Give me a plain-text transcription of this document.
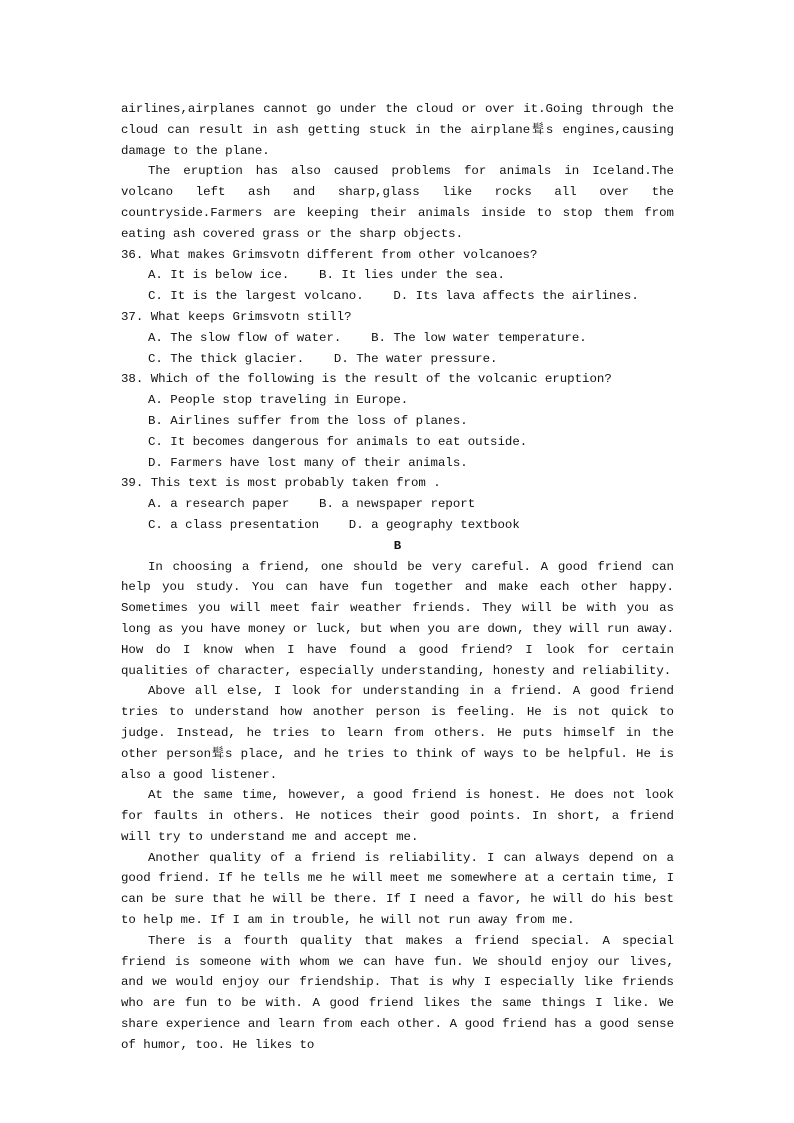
airlines,airplanes cannot go under the cloud or over it.Going through the cloud can result in ash getting stuck in the airplane髶s engines,causing damage to the plane.

The eruption has also caused problems for animals in Iceland.The volcano left ash and sharp,glass like rocks all over the countryside.Farmers are keeping their animals inside to stop them from eating ash covered grass or the sharp objects.

36. What makes Grimsvotn different from other volcanoes?

A. It is below ice.    B. It lies under the sea.

C. It is the largest volcano.    D. Its lava affects the airlines.

37. What keeps Grimsvotn still?

A. The slow flow of water.    B. The low water temperature.

C. The thick glacier.    D. The water pressure.

38. Which of the following is the result of the volcanic eruption?

A. People stop traveling in Europe.

B. Airlines suffer from the loss of planes.

C. It becomes dangerous for animals to eat outside.

D. Farmers have lost many of their animals.

39. This text is most probably taken from .

A. a research paper    B. a newspaper report

C. a class presentation    D. a geography textbook

B

In choosing a friend, one should be very careful. A good friend can help you study. You can have fun together and make each other happy. Sometimes you will meet fair weather friends. They will be with you as long as you have money or luck, but when you are down, they will run away. How do I know when I have found a good friend? I look for certain qualities of character, especially understanding, honesty and reliability.

Above all else, I look for understanding in a friend. A good friend tries to understand how another person is feeling. He is not quick to judge. Instead, he tries to learn from others. He puts himself in the other person髶s place, and he tries to think of ways to be helpful. He is also a good listener.

At the same time, however, a good friend is honest. He does not look for faults in others. He notices their good points. In short, a friend will try to understand me and accept me.

Another quality of a friend is reliability. I can always depend on a good friend. If he tells me he will meet me somewhere at a certain time, I can be sure that he will be there. If I need a favor, he will do his best to help me. If I am in trouble, he will not run away from me.

There is a fourth quality that makes a friend special. A special friend is someone with whom we can have fun. We should enjoy our lives, and we would enjoy our friendship. That is why I especially like friends who are fun to be with. A good friend likes the same things I like. We share experience and learn from each other. A good friend has a good sense of humor, too. He likes to
